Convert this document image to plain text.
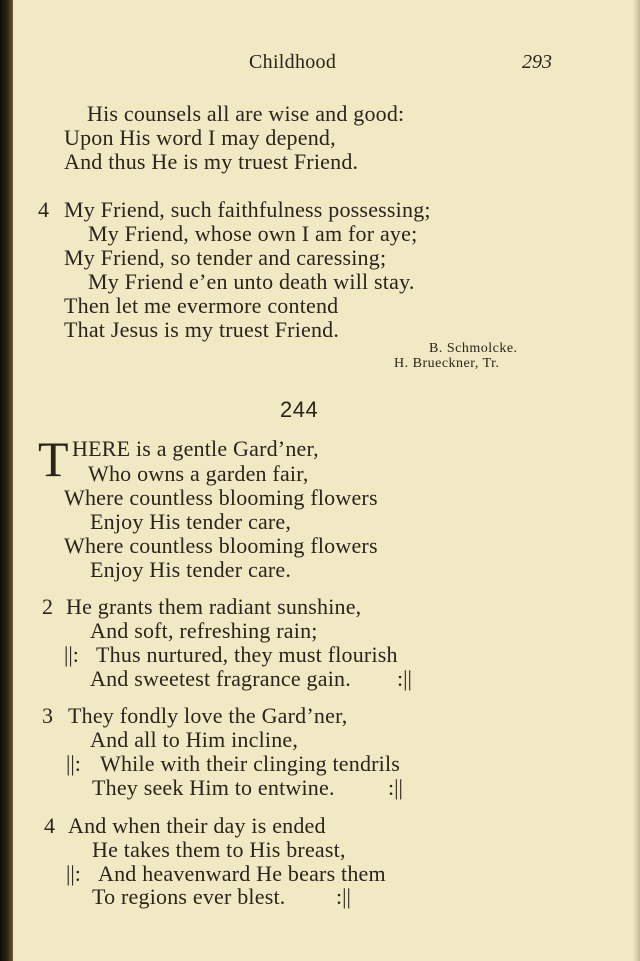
Childhood	293
His counsels all are wise and good:
Upon His word I may depend,
And thus He is my truest Friend.
4 My Friend, such faithfulness possessing;
My Friend, whose own I am for aye;
My Friend, so tender and caressing;
My Friend e’en unto death will stay.
Then let me evermore contend
That Jesus is my truest Friend.
B. Schmolcke.
H. Brueckner, Tr.
244
T HERE is a gentle Gard’ner,
Who owns a garden fair,
Where countless blooming flowers
Enjoy His tender care,
Where countless blooming flowers
Enjoy His tender care.
2 He grants them radiant sunshine,
And soft, refreshing rain;
||: Thus nurtured, they must flourish
And sweetest fragrance gain. :||
3 They fondly love the Gard’ner,
And all to Him incline,
||: While with their clinging tendrils
They seek Him to entwine. :||
4 And when their day is ended
He takes them to His breast,
||: And heavenward He bears them
To regions ever blest. :||
